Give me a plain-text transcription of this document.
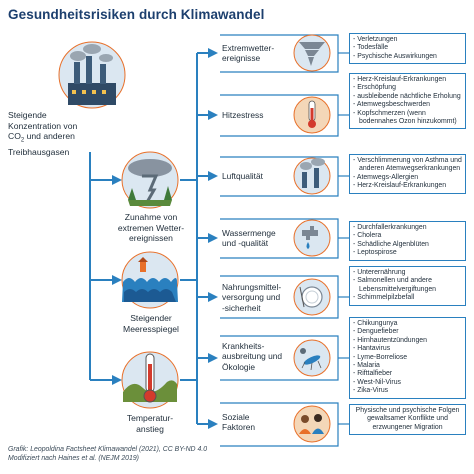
Gesundheitsrisiken durch Klimawandel
Steigende
Konzentration von
$CO_2$ und anderen
Treibhausgasen
Zunahme von
extremen Wetter-
ereignissen
Steigender
Meeresspiegel
Temperatur-
anstieg
Extremwetter-
ereignisse
Hitzestress
Luftqualität
Wassermenge
und -qualität
Nahrungsmittel-
versorgung und
-sicherheit
Krankheits-
ausbreitung und
Ökologie
Soziale
Faktoren
- Verletzungen
- Todesfälle
- Psychische Auswirkungen
- Herz-Kreislauf-Erkrankungen
- Erschöpfung
- ausbleibende nächtliche Erholung
- Atemwegsbeschwerden
- Kopfschmerzen (wenn bodennahes Ozon hinzukommt)
- Verschlimmerung von Asthma und anderen Atemwegserkrankungen
- Atemwegs-Allergien
- Herz-Kreislauf-Erkrankungen
- Durchfallerkrankungen
- Cholera
- Schädliche Algenblüten
- Leptospirose
- Unterernährung
- Salmonellen und andere Lebensmittelvergiftungen
- Schimmelpilzbefall
- Chikungunya
- Denguefieber
- Hirnhautentzündungen
- Hantavirus
- Lyme-Borreliose
- Malaria
- Rifttalfieber
- West-Nil-Virus
- Zika-Virus
Physische und psychische Folgen gewaltsamer Konflikte und erzwungener Migration
Grafik: Leopoldina Factsheet Klimawandel (2021), CC BY-ND 4.0
Modifiziert nach Haines et al. (NEJM 2019)
